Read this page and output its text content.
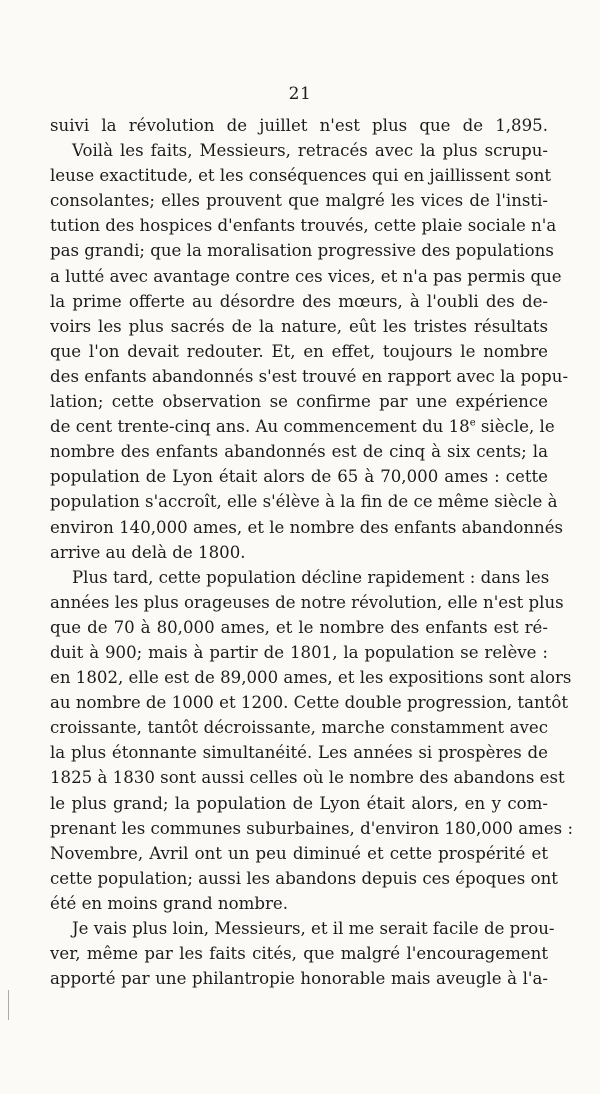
21
suivi la révolution de juillet n'est plus que de 1,895.
Voilà les faits, Messieurs, retracés avec la plus scrupu-
leuse exactitude, et les conséquences qui en jaillissent sont
consolantes; elles prouvent que malgré les vices de l'insti-
tution des hospices d'enfants trouvés, cette plaie sociale n'a
pas grandi; que la moralisation progressive des populations
a lutté avec avantage contre ces vices, et n'a pas permis que
la prime offerte au désordre des mœurs, à l'oubli des de-
voirs les plus sacrés de la nature, eût les tristes résultats
que l'on devait redouter. Et, en effet, toujours le nombre
des enfants abandonnés s'est trouvé en rapport avec la popu-
lation; cette observation se confirme par une expérience
de cent trente-cinq ans. Au commencement du 18e siècle, le
nombre des enfants abandonnés est de cinq à six cents; la
population de Lyon était alors de 65 à 70,000 ames : cette
population s'accroît, elle s'élève à la fin de ce même siècle à
environ 140,000 ames, et le nombre des enfants abandonnés
arrive au delà de 1800.
Plus tard, cette population décline rapidement : dans les
années les plus orageuses de notre révolution, elle n'est plus
que de 70 à 80,000 ames, et le nombre des enfants est ré-
duit à 900; mais à partir de 1801, la population se relève :
en 1802, elle est de 89,000 ames, et les expositions sont alors
au nombre de 1000 et 1200. Cette double progression, tantôt
croissante, tantôt décroissante, marche constamment avec
la plus étonnante simultanéité. Les années si prospères de
1825 à 1830 sont aussi celles où le nombre des abandons est
le plus grand; la population de Lyon était alors, en y com-
prenant les communes suburbaines, d'environ 180,000 ames :
Novembre, Avril ont un peu diminué et cette prospérité et
cette population; aussi les abandons depuis ces époques ont
été en moins grand nombre.
Je vais plus loin, Messieurs, et il me serait facile de prou-
ver, même par les faits cités, que malgré l'encouragement
apporté par une philantropie honorable mais aveugle à l'a-
